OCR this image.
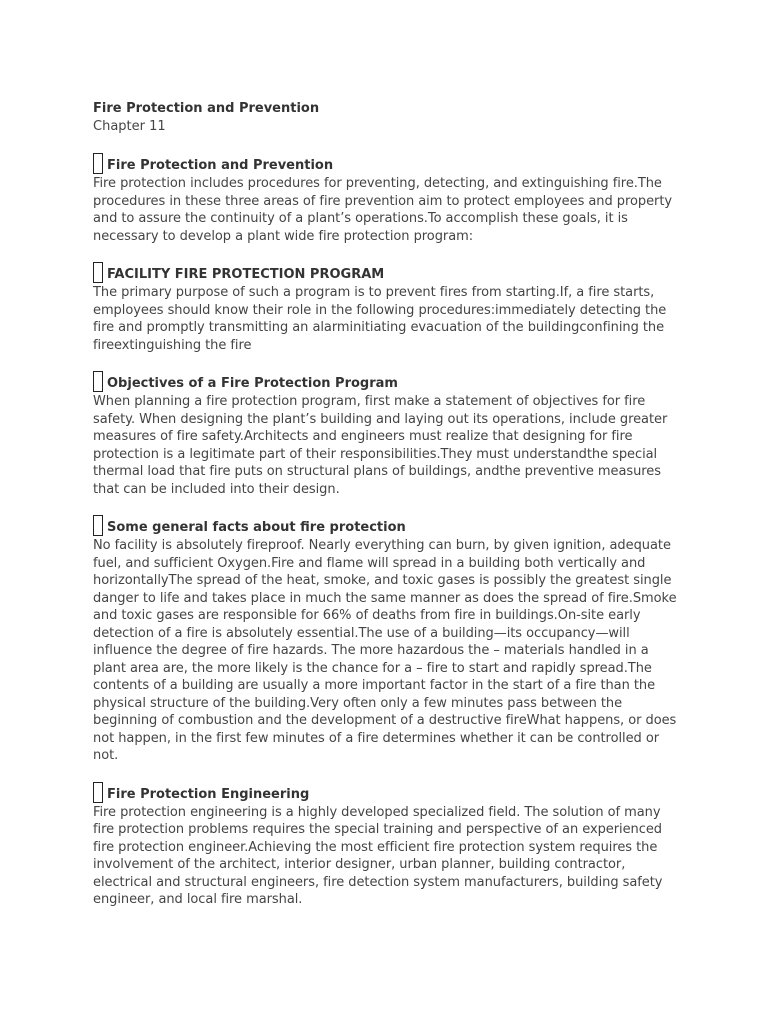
Fire Protection and Prevention
Chapter 11
Fire Protection and Prevention

Fire protection includes procedures for preventing, detecting, and extinguishing fire.The procedures in these three areas of fire prevention aim to protect employees and property and to assure the continuity of a plant’s operations.To accomplish these goals, it is necessary to develop a plant wide fire protection program:

FACILITY FIRE PROTECTION PROGRAM

The primary purpose of such a program is to prevent fires from starting.If, a fire starts, employees should know their role in the following procedures:immediately detecting the fire and promptly transmitting an alarminitiating evacuation of the buildingconfining the fireextinguishing the fire

Objectives of a Fire Protection Program

When planning a fire protection program, first make a statement of objectives for fire safety. When designing the plant’s building and laying out its operations, include greater measures of fire safety.Architects and engineers must realize that designing for fire protection is a legitimate part of their responsibilities.They must understandthe special thermal load that fire puts on structural plans of buildings, andthe preventive measures that can be included into their design.

Some general facts about fire protection

No facility is absolutely fireproof. Nearly everything can burn, by given ignition, adequate fuel, and sufficient Oxygen.Fire and flame will spread in a building both vertically and horizontallyThe spread of the heat, smoke, and toxic gases is possibly the greatest single danger to life and takes place in much the same manner as does the spread of fire.Smoke and toxic gases are responsible for 66% of deaths from fire in buildings.On-site early detection of a fire is absolutely essential.The use of a building—its occupancy—will influence the degree of fire hazards. The more hazardous the – materials handled in a plant area are, the more likely is the chance for a – fire to start and rapidly spread.The contents of a building are usually a more important factor in the start of a fire than the physical structure of the building.Very often only a few minutes pass between the beginning of combustion and the development of a destructive fireWhat happens, or does not happen, in the first few minutes of a fire determines whether it can be controlled or not.

Fire Protection Engineering

Fire protection engineering is a highly developed specialized field. The solution of many fire protection problems requires the special training and perspective of an experienced fire protection engineer.Achieving the most efficient fire protection system requires the involvement of the architect, interior designer, urban planner, building contractor, electrical and structural engineers, fire detection system manufacturers, building safety engineer, and local fire marshal.
